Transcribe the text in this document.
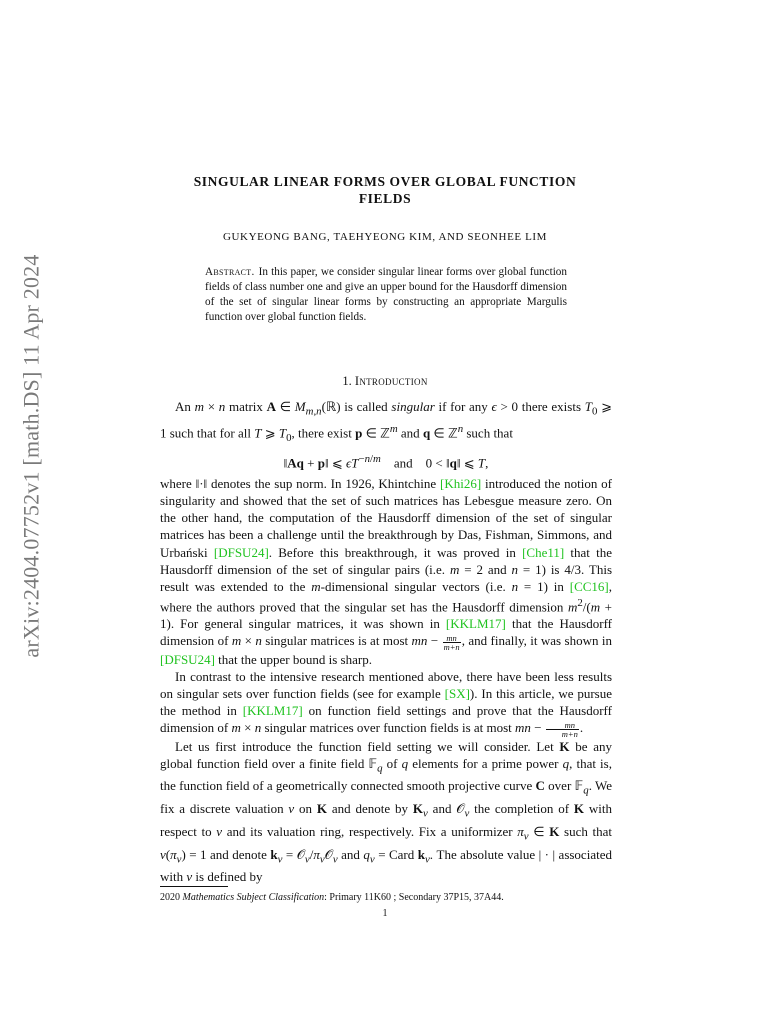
arXiv:2404.07752v1 [math.DS] 11 Apr 2024
SINGULAR LINEAR FORMS OVER GLOBAL FUNCTION
FIELDS
GUKYEONG BANG, TAEHYEONG KIM, AND SEONHEE LIM
Abstract. In this paper, we consider singular linear forms over global function fields of class number one and give an upper bound for the Hausdorff dimension of the set of singular linear forms by constructing an appropriate Margulis function over global function fields.
1. Introduction

An m × n matrix A ∈ $M_{m,n}(ℝ)$ is called singular if for any ϵ > 0 there exists $T_0$ ⩾ 1 such that for all T ⩾ $T_0$, there exist p ∈ ℤ$^m$ and q ∈ ℤ$^n$ such that

‖Aq + p‖ ⩽ $\epsilon T^{-n/m}$    and    0 < ‖q‖ ⩽ T,

where ‖·‖ denotes the sup norm. In 1926, Khintchine [Khi26] introduced the notion of singularity and showed that the set of such matrices has Lebesgue measure zero. On the other hand, the computation of the Hausdorff dimension of the set of singular matrices has been a challenge until the breakthrough by Das, Fishman, Simmons, and Urbański [DFSU24]. Before this breakthrough, it was proved in [Che11] that the Hausdorff dimension of the set of singular pairs (i.e. m = 2 and n = 1) is 4/3. This result was extended to the m-dimensional singular vectors (i.e. n = 1) in [CC16], where the authors proved that the singular set has the Hausdorff dimension $m^2/(m + 1)$. For general singular matrices, it was shown in [KKLM17] that the Hausdorff dimension of m × n singular matrices is at most mn − $\frac{mn}{m+n}$ , and finally, it was shown in [DFSU24] that the upper bound is sharp.

In contrast to the intensive research mentioned above, there have been less results on singular sets over function fields (see for example [SX]). In this article, we pursue the method in [KKLM17] on function field settings and prove that the Hausdorff dimension of m × n singular matrices over function fields is at most mn − $\frac{mn}{m+n}$ .

Let us first introduce the function field setting we will consider. Let K be any global function field over a finite field 𝔽$_q$ of q elements for a prime power q, that is, the function field of a geometrically connected smooth projective curve C over 𝔽$_q$. We fix a discrete valuation ν on K and denote by $K_\nu$ and 𝒪$_\nu$ the completion of K with respect to ν and its valuation ring, respectively. Fix a uniformizer $\pi_\nu$ ∈ K such that $\nu(\pi_\nu) = 1$ and denote $k_\nu$ = $𝒪_\nu/\pi_\nu 𝒪_\nu$ and $q_\nu$ = Card $k_\nu$. The absolute value | · | associated with ν is defined by

2020 Mathematics Subject Classification: Primary 11K60 ; Secondary 37P15, 37A44.
1
